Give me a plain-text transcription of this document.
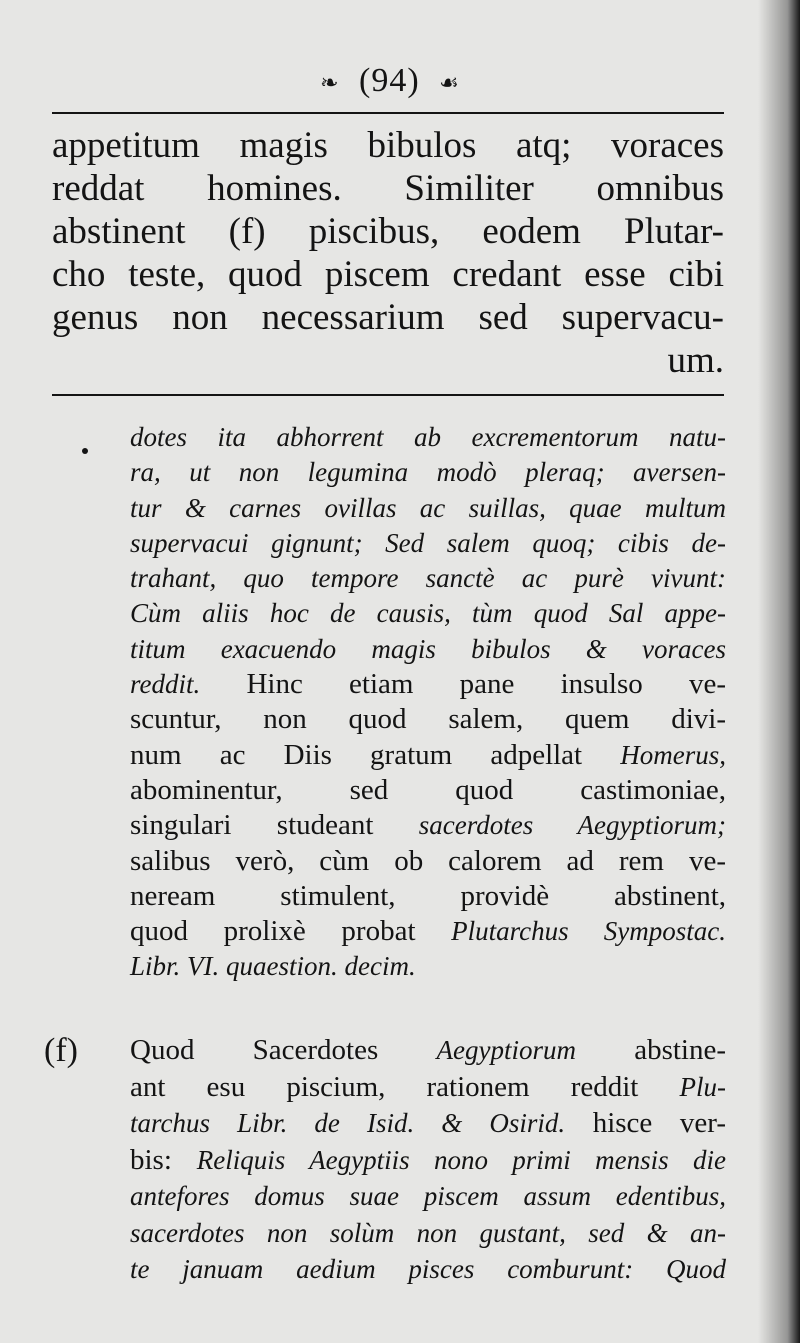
❧ (94) ☙
appetitum magis bibulos atq; voraces
reddat homines. Similiter omnibus
abstinent (f) piscibus, eodem Plutar-
cho teste, quod piscem credant esse cibi
genus non necessarium sed supervacu-
um.
dotes ita abhorrent ab excrementorum natu-
ra, ut non legumina modò pleraq; aversen-
tur & carnes ovillas ac suillas, quae multum
supervacui gignunt; Sed salem quoq; cibis de-
trahant, quo tempore sanctè ac purè vivunt:
Cùm aliis hoc de causis, tùm quod Sal appe-
titum exacuendo magis bibulos & voraces
reddit. Hinc etiam pane insulso ve-
scuntur, non quod salem, quem divi-
num ac Diis gratum adpellat Homerus,
abominentur, sed quod castimoniae,
singulari studeant sacerdotes Aegyptiorum;
salibus verò, cùm ob calorem ad rem ve-
neream stimulent, providè abstinent,
quod prolixè probat Plutarchus Sympostac.
Libr. VI. quaestion. decim.
(f) Quod Sacerdotes Aegyptiorum abstine-
ant esu piscium, rationem reddit Plu-
tarchus Libr. de Isid. & Osirid. hisce ver-
bis: Reliquis Aegyptiis nono primi mensis die
antefores domus suae piscem assum edentibus,
sacerdotes non solùm non gustant, sed & an-
te januam aedium pisces comburunt: Quod
